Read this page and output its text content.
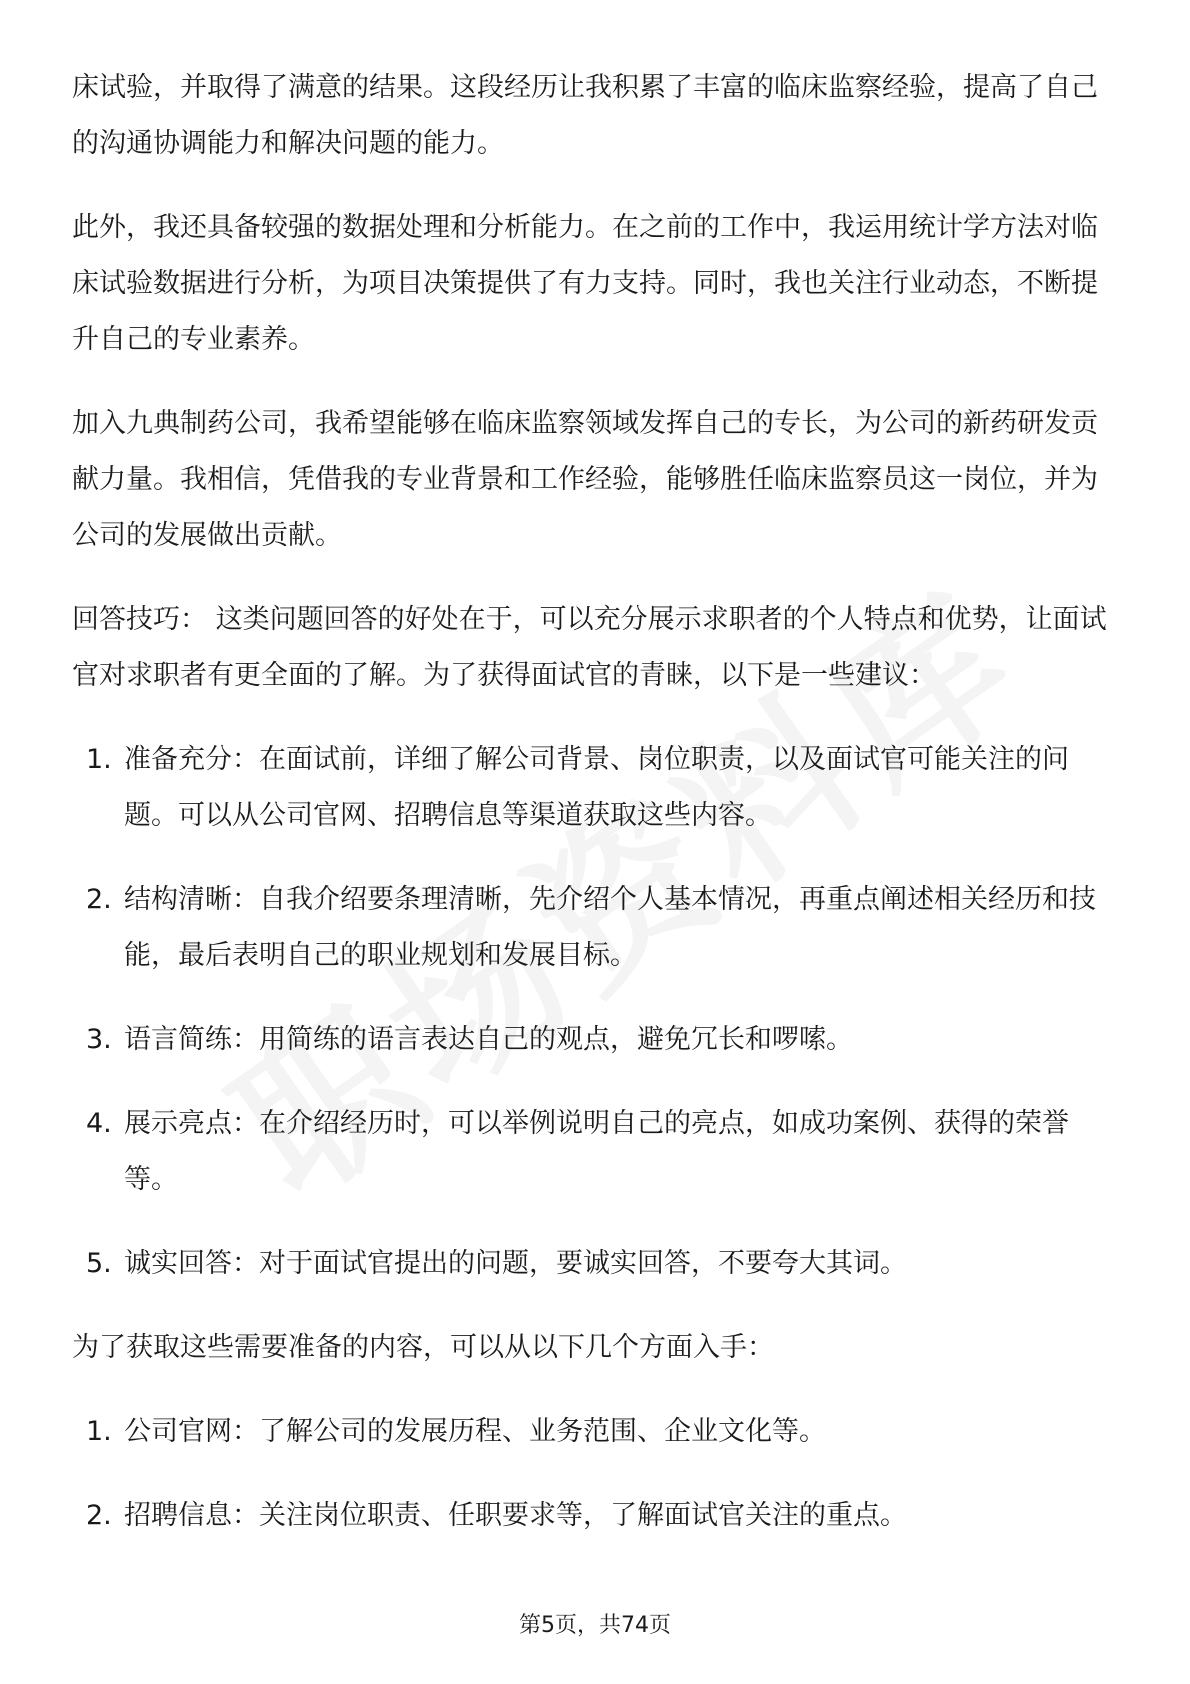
床试验，并取得了满意的结果。这段经历让我积累了丰富的临床监察经验，提高了自己的沟通协调能力和解决问题的能力。

此外，我还具备较强的数据处理和分析能力。在之前的工作中，我运用统计学方法对临床试验数据进行分析，为项目决策提供了有力支持。同时，我也关注行业动态，不断提升自己的专业素养。

加入九典制药公司，我希望能够在临床监察领域发挥自己的专长，为公司的新药研发贡献力量。我相信，凭借我的专业背景和工作经验，能够胜任临床监察员这一岗位，并为公司的发展做出贡献。

回答技巧： 这类问题回答的好处在于，可以充分展示求职者的个人特点和优势，让面试官对求职者有更全面的了解。为了获得面试官的青睐，以下是一些建议：

1. 准备充分：在面试前，详细了解公司背景、岗位职责，以及面试官可能关注的问题。可以从公司官网、招聘信息等渠道获取这些内容。
2. 结构清晰：自我介绍要条理清晰，先介绍个人基本情况，再重点阐述相关经历和技能，最后表明自己的职业规划和发展目标。
3. 语言简练：用简练的语言表达自己的观点，避免冗长和啰嗦。
4. 展示亮点：在介绍经历时，可以举例说明自己的亮点，如成功案例、获得的荣誉等。
5. 诚实回答：对于面试官提出的问题，要诚实回答，不要夸大其词。

为了获取这些需要准备的内容，可以从以下几个方面入手：

1. 公司官网：了解公司的发展历程、业务范围、企业文化等。
2. 招聘信息：关注岗位职责、任职要求等，了解面试官关注的重点。
第5页，共74页
